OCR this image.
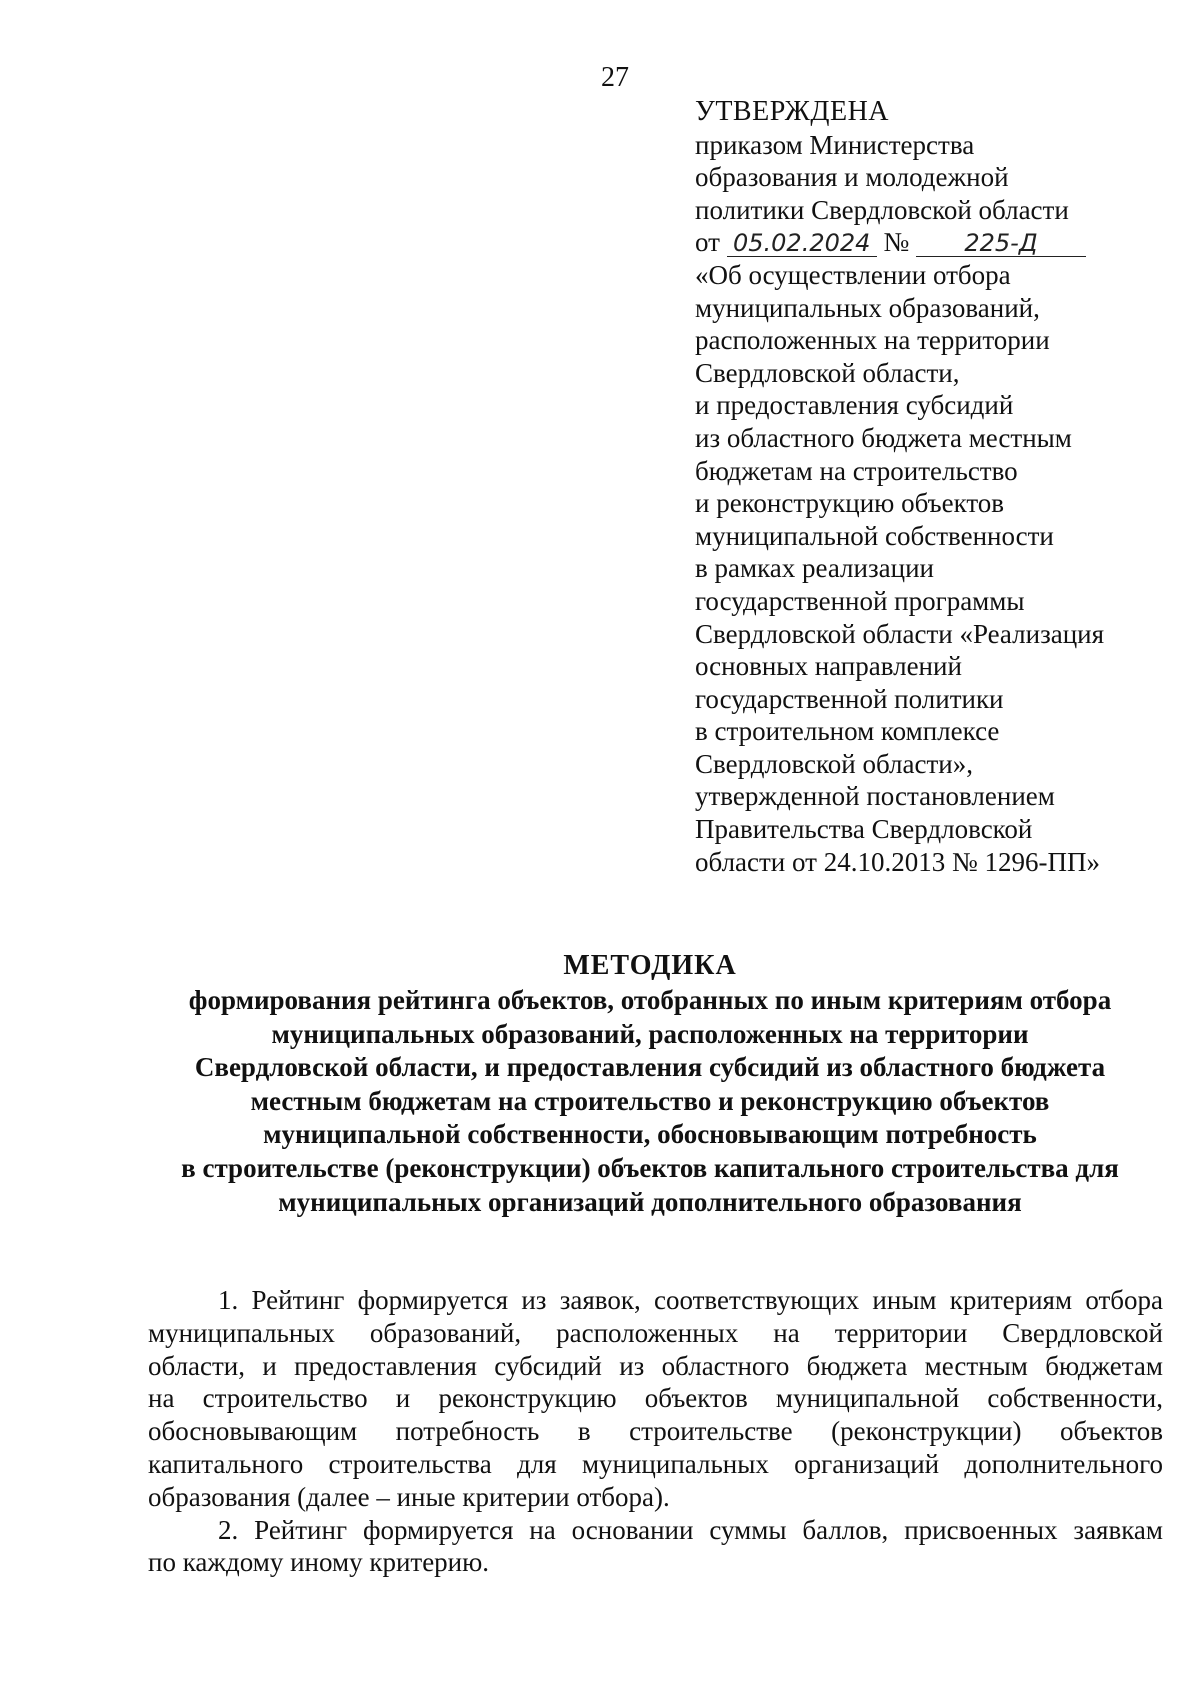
27
УТВЕРЖДЕНА
приказом Министерства
образования и молодежной
политики Свердловской области
от 05.02.2024 № 225-Д
«Об осуществлении отбора
муниципальных образований,
расположенных на территории
Свердловской области,
и предоставления субсидий
из областного бюджета местным
бюджетам на строительство
и реконструкцию объектов
муниципальной собственности
в рамках реализации
государственной программы
Свердловской области «Реализация
основных направлений
государственной политики
в строительном комплексе
Свердловской области»,
утвержденной постановлением
Правительства Свердловской
области от 24.10.2013 № 1296-ПП»
МЕТОДИКА
формирования рейтинга объектов, отобранных по иным критериям отбора
муниципальных образований, расположенных на территории
Свердловской области, и предоставления субсидий из областного бюджета
местным бюджетам на строительство и реконструкцию объектов
муниципальной собственности, обосновывающим потребность
в строительстве (реконструкции) объектов капитального строительства для
муниципальных организаций дополнительного образования
1. Рейтинг формируется из заявок, соответствующих иным критериям отбора
муниципальных образований, расположенных на территории Свердловской
области, и предоставления субсидий из областного бюджета местным бюджетам
на строительство и реконструкцию объектов муниципальной собственности,
обосновывающим потребность в строительстве (реконструкции) объектов
капитального строительства для муниципальных организаций дополнительного
образования (далее – иные критерии отбора).
2. Рейтинг формируется на основании суммы баллов, присвоенных заявкам
по каждому иному критерию.
